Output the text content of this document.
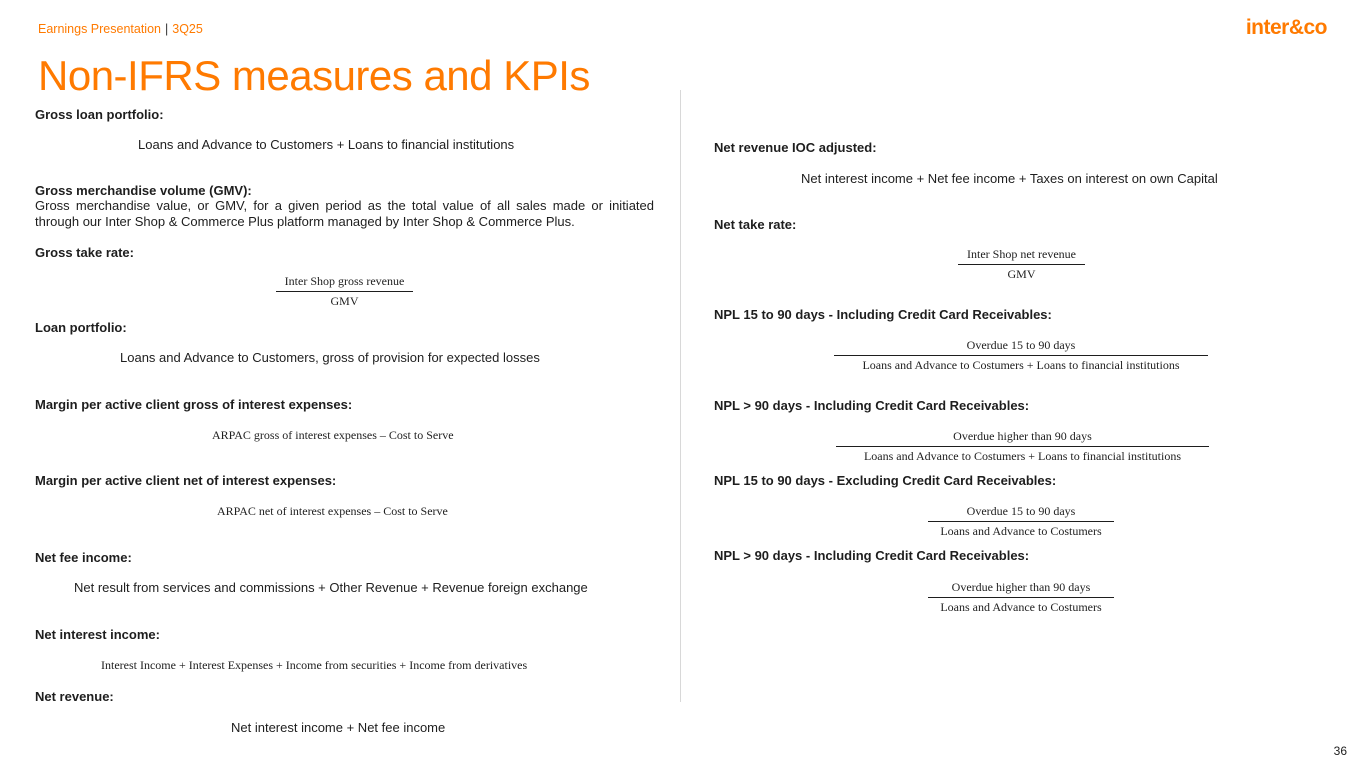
Earnings Presentation | 3Q25	inter&co
Non-IFRS measures and KPIs
Gross loan portfolio:
Loans and Advance to Customers + Loans to financial institutions
Gross merchandise volume (GMV):
Gross merchandise value, or GMV, for a given period as the total value of all sales made or initiated through our Inter Shop & Commerce Plus platform managed by Inter Shop & Commerce Plus.
Gross take rate:
Inter Shop gross revenue
GMV
Loan portfolio:
Loans and Advance to Customers, gross of provision for expected losses
Margin per active client gross of interest expenses:
ARPAC gross of interest expenses – Cost to Serve
Margin per active client net of interest expenses:
ARPAC net of interest expenses – Cost to Serve
Net fee income:
Net result from services and commissions + Other Revenue + Revenue foreign exchange
Net interest income:
Interest Income + Interest Expenses + Income from securities + Income from derivatives
Net revenue:
Net interest income + Net fee income
Net revenue IOC adjusted:
Net interest income + Net fee income + Taxes on interest on own Capital
Net take rate:
Inter Shop net revenue
GMV
NPL 15 to 90 days - Including Credit Card Receivables:
Overdue 15 to 90 days
Loans and Advance to Costumers + Loans to financial institutions
NPL > 90 days - Including Credit Card Receivables:
Overdue higher than 90 days
Loans and Advance to Costumers + Loans to financial institutions
NPL 15 to 90 days - Excluding Credit Card Receivables:
Overdue 15 to 90 days
Loans and Advance to Costumers
NPL > 90 days - Including Credit Card Receivables:
Overdue higher than 90 days
Loans and Advance to Costumers
36
